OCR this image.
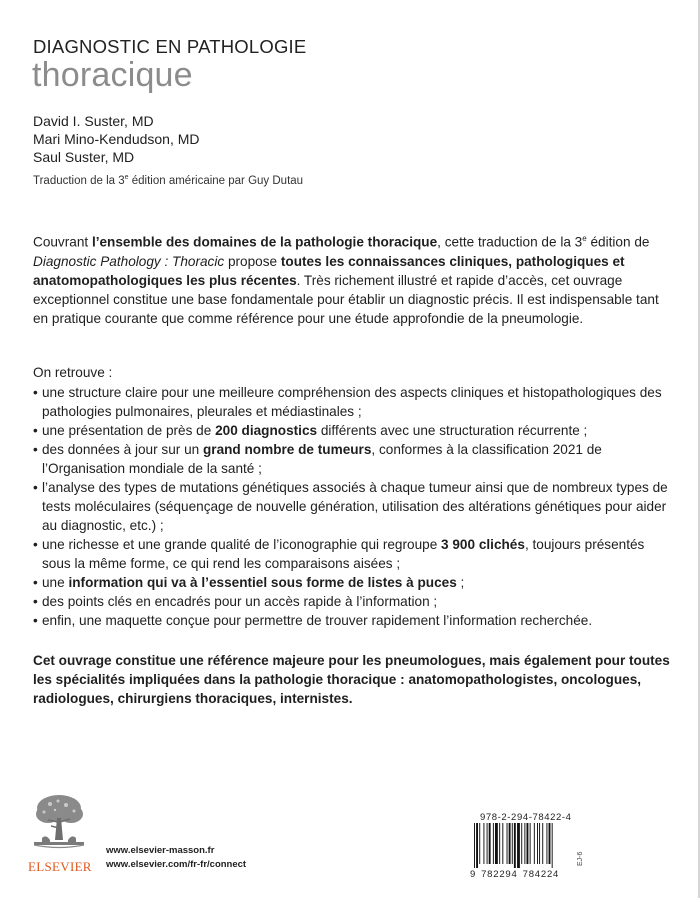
DIAGNOSTIC EN PATHOLOGIE
thoracique
David I. Suster, MD
Mari Mino-Kendudson, MD
Saul Suster, MD
Traduction de la 3e édition américaine par Guy Dutau
Couvrant l’ensemble des domaines de la pathologie thoracique, cette traduction de la 3e édition de Diagnostic Pathology : Thoracic propose toutes les connaissances cliniques, pathologiques et anatomopathologiques les plus récentes. Très richement illustré et rapide d’accès, cet ouvrage exceptionnel constitue une base fondamentale pour établir un diagnostic précis. Il est indispensable tant en pratique courante que comme référence pour une étude approfondie de la pneumologie.
On retrouve :
• une structure claire pour une meilleure compréhension des aspects cliniques et histopathologiques des pathologies pulmonaires, pleurales et médiastinales ;
• une présentation de près de 200 diagnostics différents avec une structuration récurrente ;
• des données à jour sur un grand nombre de tumeurs, conformes à la classification 2021 de l’Organisation mondiale de la santé ;
• l’analyse des types de mutations génétiques associés à chaque tumeur ainsi que de nombreux types de tests moléculaires (séquençage de nouvelle génération, utilisation des altérations génétiques pour aider au diagnostic, etc.) ;
• une richesse et une grande qualité de l’iconographie qui regroupe 3 900 clichés, toujours présentés sous la même forme, ce qui rend les comparaisons aisées ;
• une information qui va à l’essentiel sous forme de listes à puces ;
• des points clés en encadrés pour un accès rapide à l’information ;
• enfin, une maquette conçue pour permettre de trouver rapidement l’information recherchée.
Cet ouvrage constitue une référence majeure pour les pneumologues, mais également pour toutes les spécialités impliquées dans la pathologie thoracique : anatomopathologistes, oncologues, radiologues, chirurgiens thoraciques, internistes.
ELSEVIER
www.elsevier-masson.fr
www.elsevier.com/fr-fr/connect
978-2-294-78422-4
9 782294 784224
EJ-6
